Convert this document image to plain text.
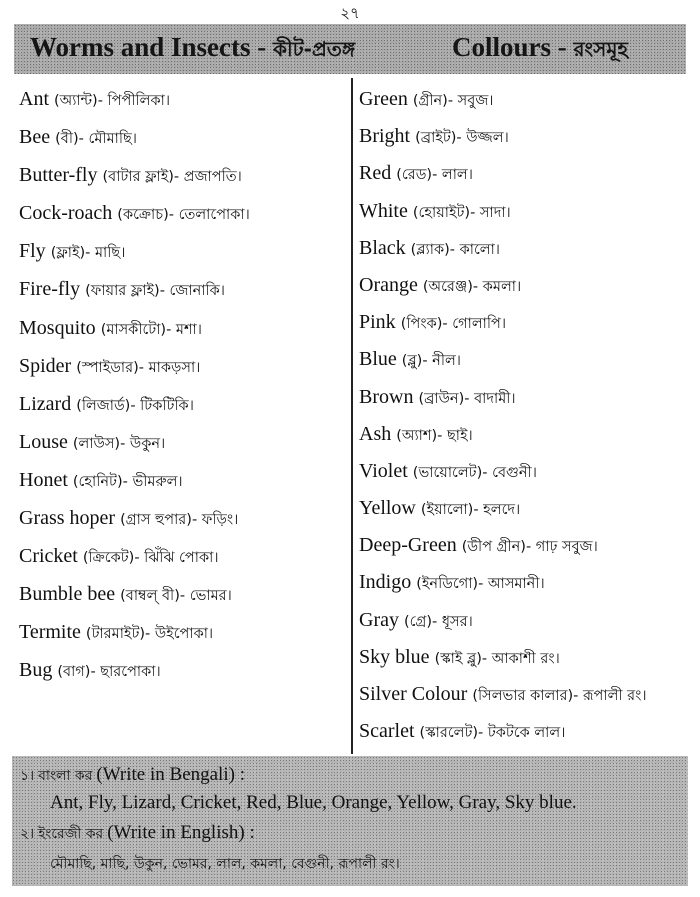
২৭
Worms and Insects - কীট-প্রতঙ্গ	Collours - রংসমূহ
Ant (অ্যান্ট)- পিপীলিকা।
Bee (বী)- মৌমাছি।
Butter-fly (বাটার ফ্লাই)- প্রজাপতি।
Cock-roach (কক্রোচ)- তেলাপোকা।
Fly (ফ্লাই)- মাছি।
Fire-fly (ফায়ার ফ্লাই)- জোনাকি।
Mosquito (মাসকীটো)- মশা।
Spider (স্পাইডার)- মাকড়সা।
Lizard (লিজার্ড)- টিকটিকি।
Louse (লাউস)- উকুন।
Honet (হোনিট)- ভীমরুল।
Grass hoper (গ্রাস হুপার)- ফড়িং।
Cricket (ক্রিকেট)- ঝিঁঝি পোকা।
Bumble bee (বাম্বল্ বী)- ভোমর।
Termite (টারমাইট)- উইপোকা।
Bug (বাগ)- ছারপোকা।
Green (গ্রীন)- সবুজ।
Bright (ব্রাইট)- উজ্জল।
Red (রেড)- লাল।
White (হোয়াইট)- সাদা।
Black (ব্ল্যাক)- কালো।
Orange (অরেঞ্জ)- কমলা।
Pink (পিংক)- গোলাপি।
Blue (ব্লু)- নীল।
Brown (ব্রাউন)- বাদামী।
Ash (অ্যাশ)- ছাই।
Violet (ভায়োলেট)- বেগুনী।
Yellow (ইয়ালো)- হলদে।
Deep-Green (ডীপ গ্রীন)- গাঢ় সবুজ।
Indigo (ইনডিগো)- আসমানী।
Gray (গ্রে)- ধূসর।
Sky blue (স্কাই ব্লু)- আকাশী রং।
Silver Colour (সিলভার কালার)- রূপালী রং।
Scarlet (স্কারলেট)- টকটকে লাল।
১। বাংলা কর (Write in Bengali) :
Ant, Fly, Lizard, Cricket, Red, Blue, Orange, Yellow, Gray, Sky blue.
২। ইংরেজী কর (Write in English) :
মৌমাছি, মাছি, উকুন, ভোমর, লাল, কমলা, বেগুনী, রূপালী রং।
